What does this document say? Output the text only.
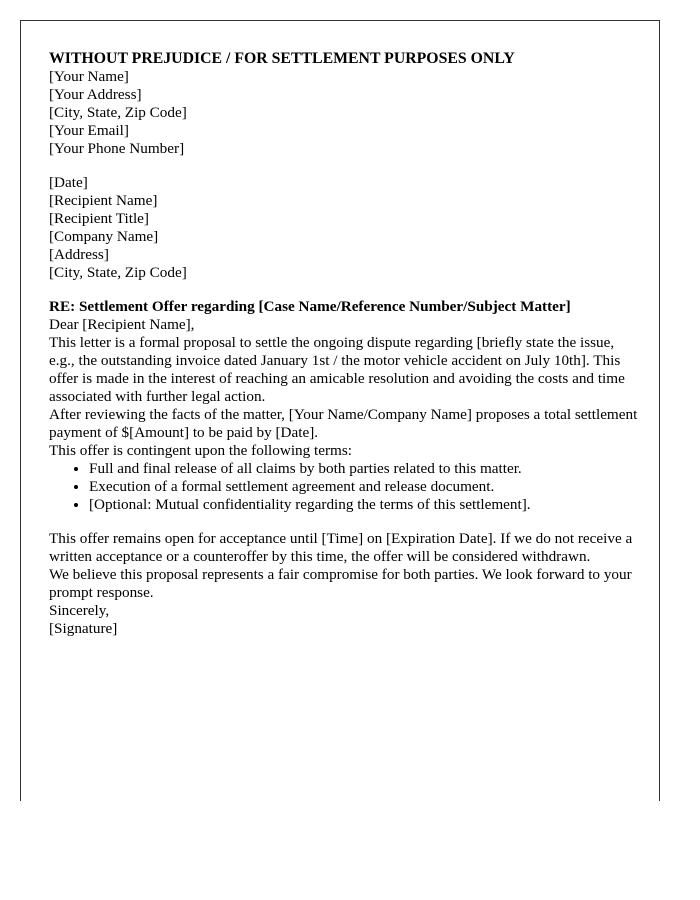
WITHOUT PREJUDICE / FOR SETTLEMENT PURPOSES ONLY

[Your Name]

[Your Address]

[City, State, Zip Code]

[Your Email]

[Your Phone Number]

[Date]

[Recipient Name]

[Recipient Title]

[Company Name]

[Address]

[City, State, Zip Code]

RE: Settlement Offer regarding [Case Name/Reference Number/Subject Matter]

Dear [Recipient Name],

This letter is a formal proposal to settle the ongoing dispute regarding [briefly state the issue, e.g., the outstanding invoice dated January 1st / the motor vehicle accident on July 10th]. This offer is made in the interest of reaching an amicable resolution and avoiding the costs and time associated with further legal action.

After reviewing the facts of the matter, [Your Name/Company Name] proposes a total settlement payment of $[Amount] to be paid by [Date].

This offer is contingent upon the following terms:

• Full and final release of all claims by both parties related to this matter.
• Execution of a formal settlement agreement and release document.
• [Optional: Mutual confidentiality regarding the terms of this settlement].

This offer remains open for acceptance until [Time] on [Expiration Date]. If we do not receive a written acceptance or a counteroffer by this time, the offer will be considered withdrawn.

We believe this proposal represents a fair compromise for both parties. We look forward to your prompt response.

Sincerely,

[Signature]
